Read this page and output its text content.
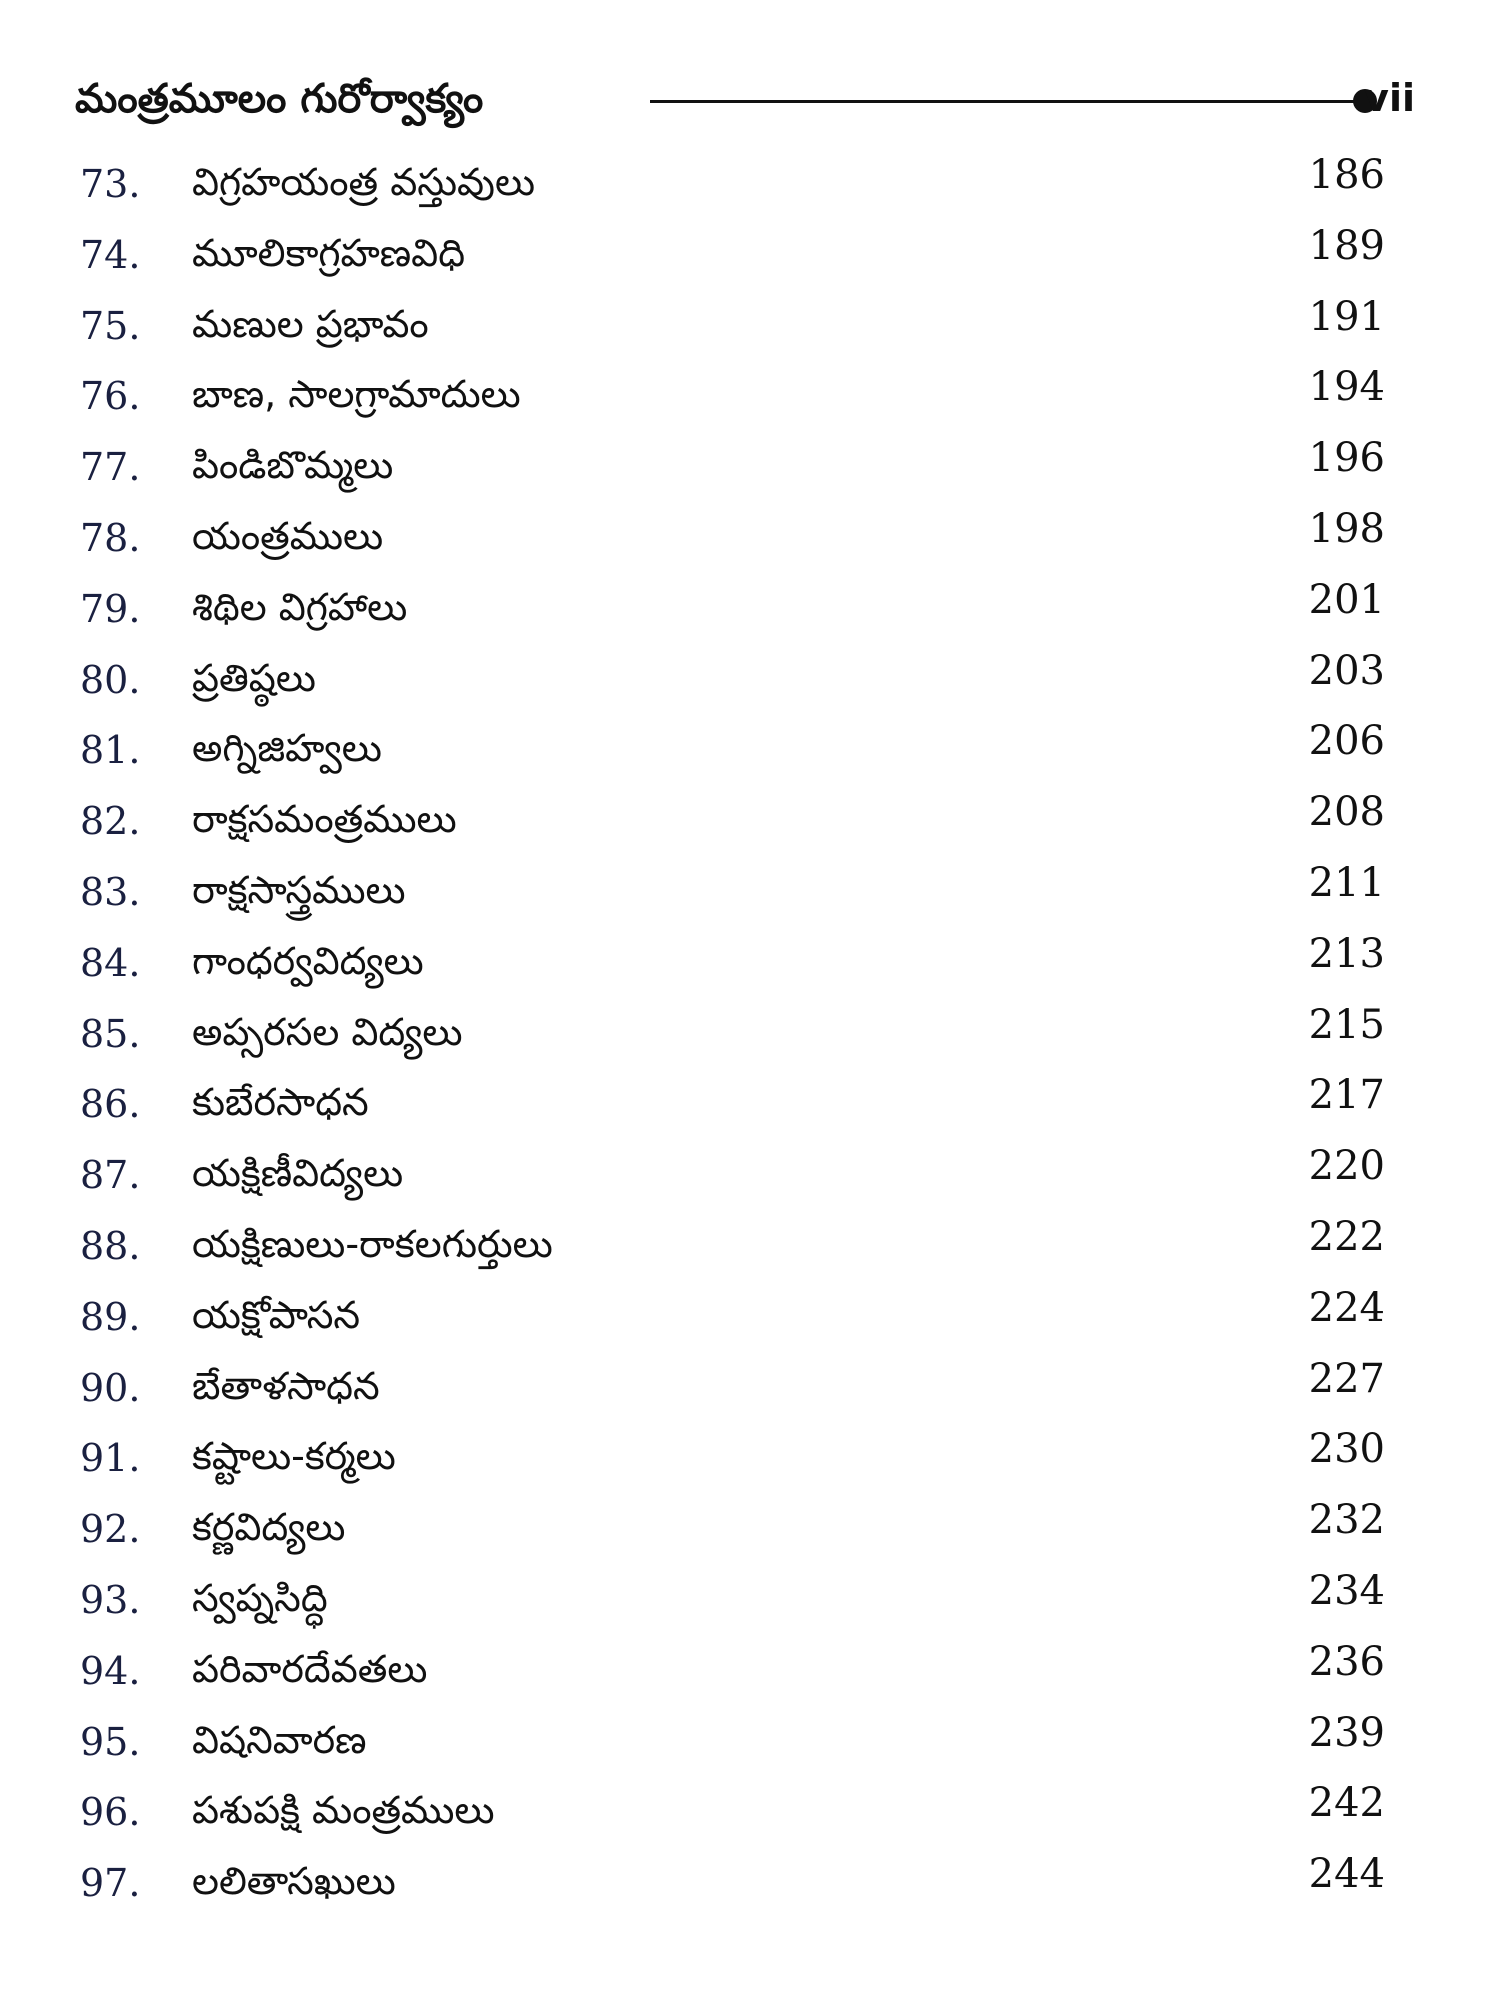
మంత్రమూలం గురోర్వాక్యం	vii
73.	విగ్రహయంత్ర వస్తువులు	186
74.	మూలికాగ్రహణవిధి	189
75.	మణుల ప్రభావం	191
76.	బాణ, సాలగ్రామాదులు	194
77.	పిండిబొమ్మలు	196
78.	యంత్రములు	198
79.	శిథిల విగ్రహాలు	201
80.	ప్రతిష్ఠలు	203
81.	అగ్నిజిహ్వలు	206
82.	రాక్షసమంత్రములు	208
83.	రాక్షసాస్త్రములు	211
84.	గాంధర్వవిద్యలు	213
85.	అప్సరసల విద్యలు	215
86.	కుబేరసాధన	217
87.	యక్షిణీవిద్యలు	220
88.	యక్షిణులు-రాకలగుర్తులు	222
89.	యక్షోపాసన	224
90.	బేతాళసాధన	227
91.	కష్టాలు-కర్మలు	230
92.	కర్ణవిద్యలు	232
93.	స్వప్నసిద్ధి	234
94.	పరివారదేవతలు	236
95.	విషనివారణ	239
96.	పశుపక్షి మంత్రములు	242
97.	లలితాసఖులు	244
